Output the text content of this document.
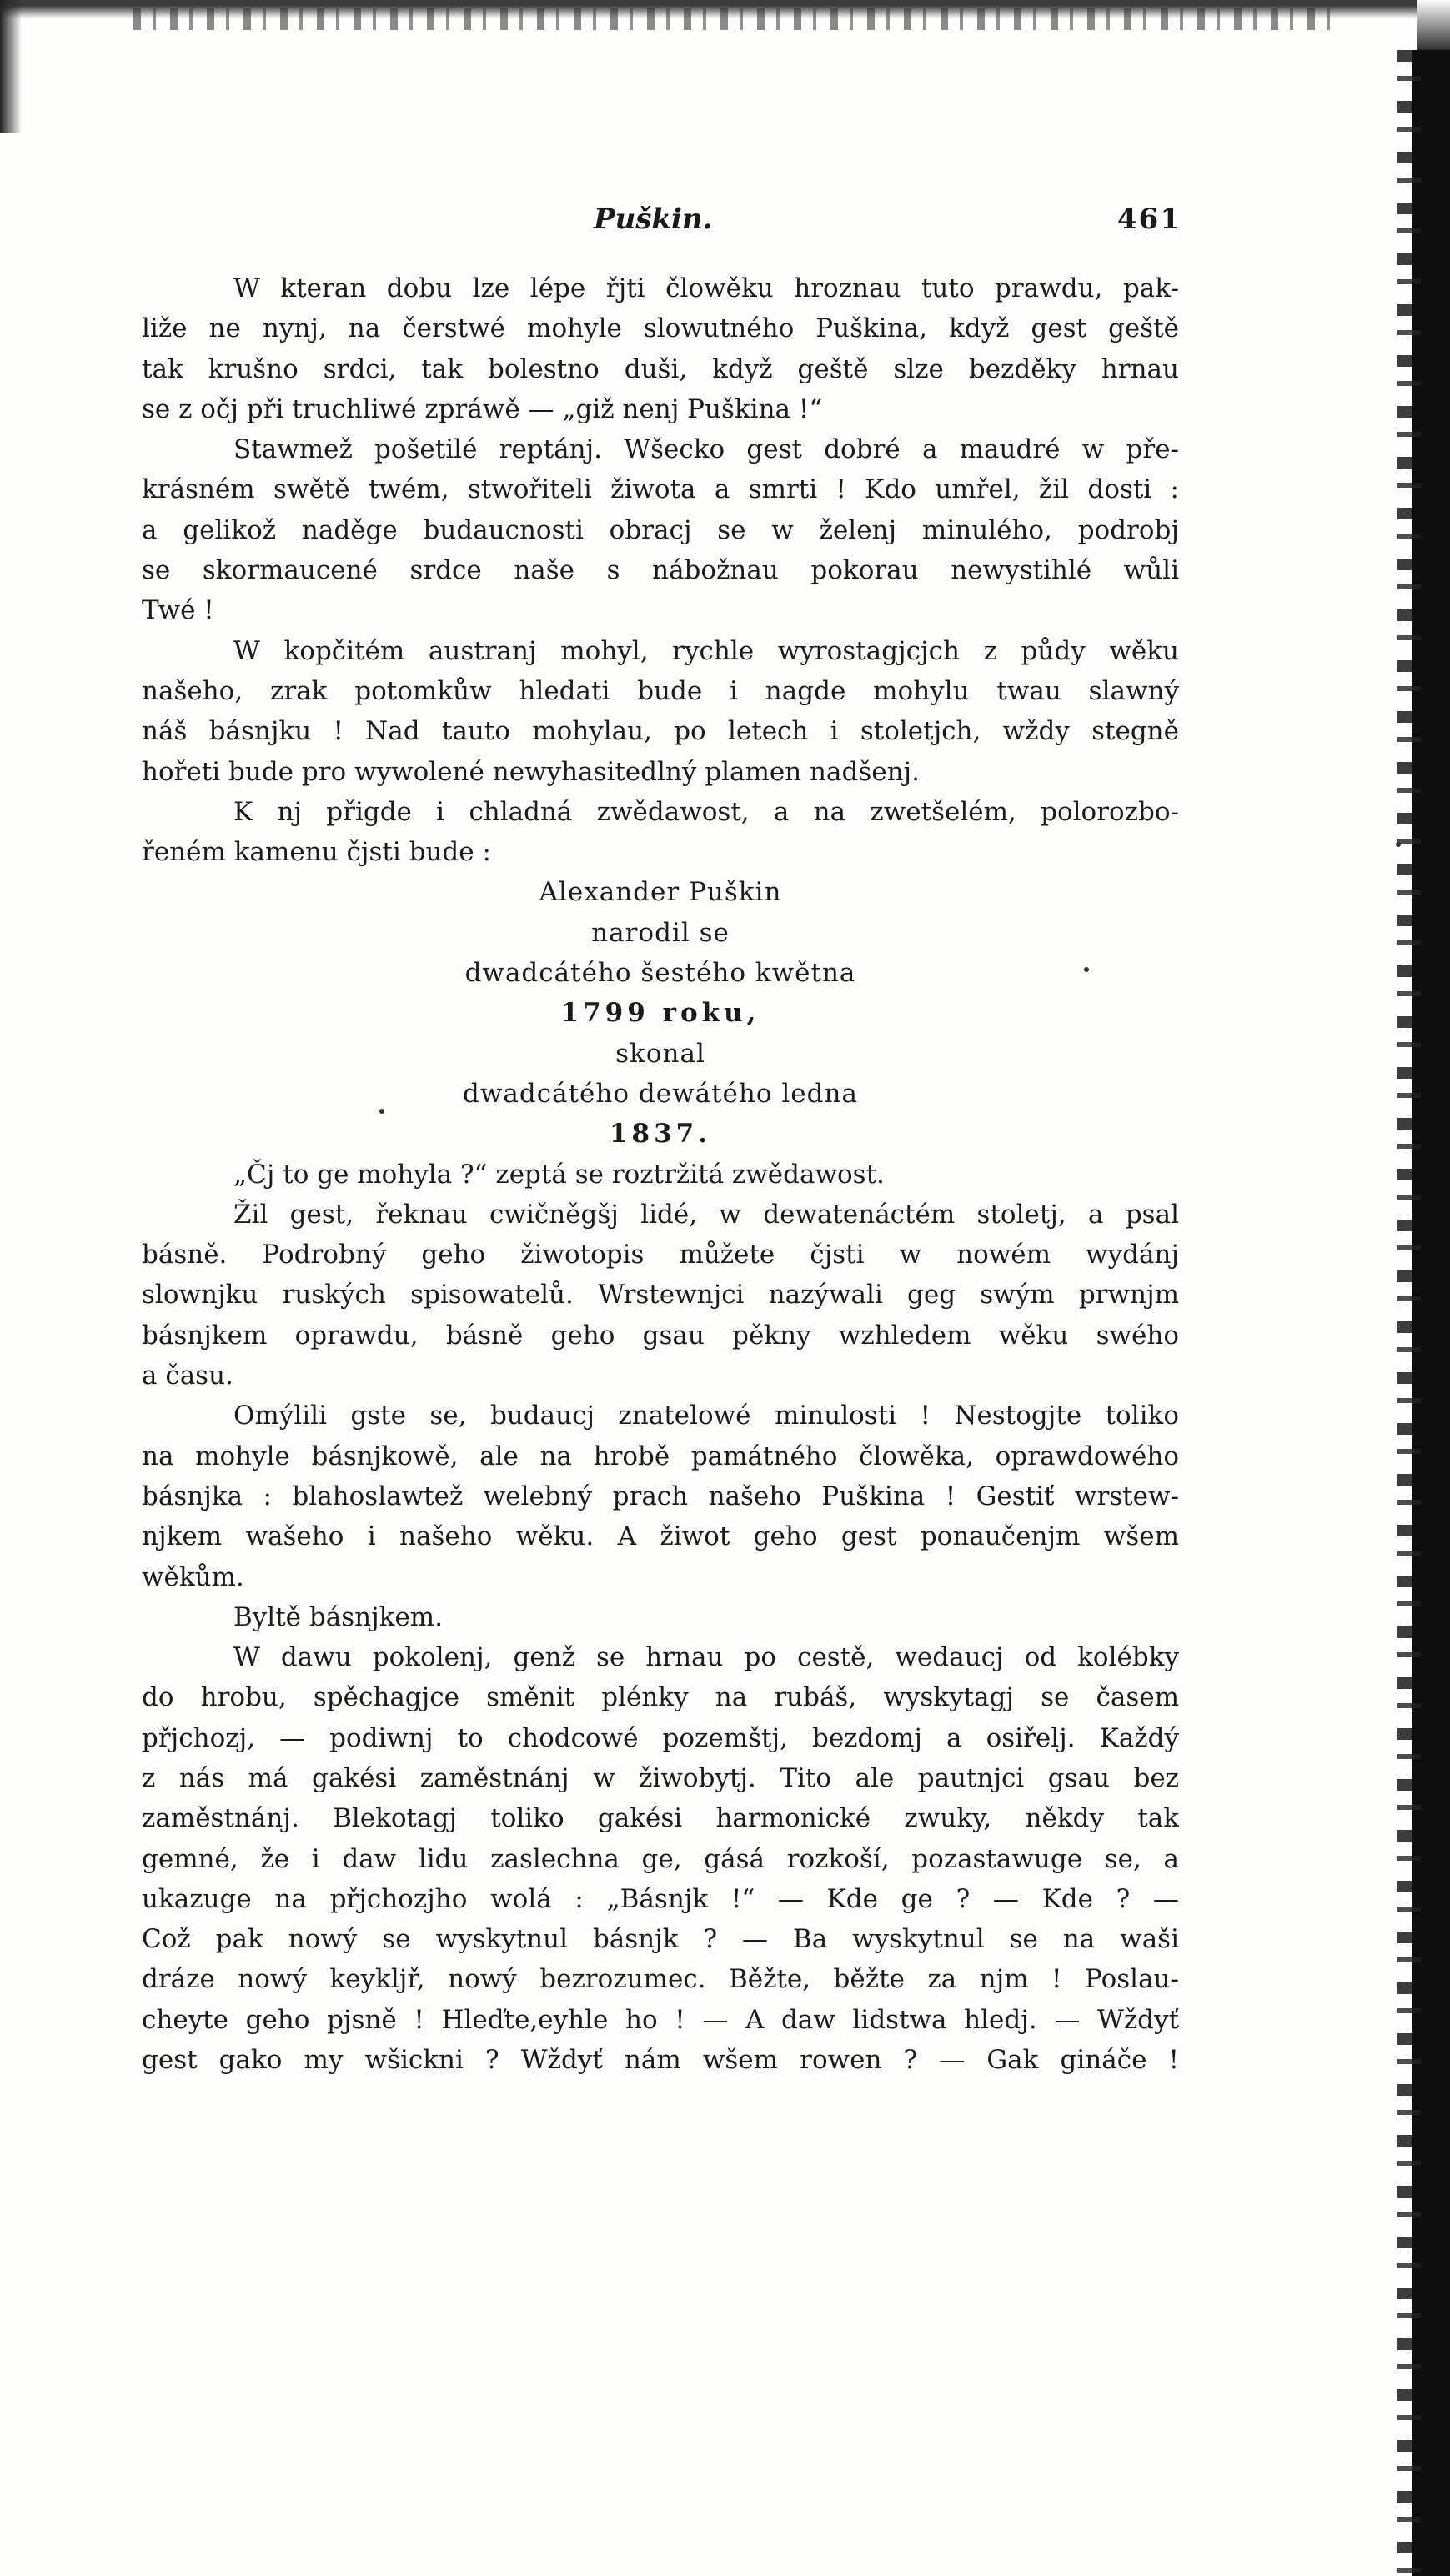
Puškin.	461
W kteran dobu lze lépe řjti člowěku hroznau tuto prawdu, pak-
liže ne nynj, na čerstwé mohyle slowutného Puškina, když gest geště
tak krušno srdci, tak bolestno duši, když geště slze bezděky hrnau
se z očj při truchliwé zpráwě — „giž nenj Puškina !“
Stawmež pošetilé reptánj. Wšecko gest dobré a maudré w pře-
krásném swětě twém, stwořiteli žiwota a smrti ! Kdo umřel, žil dosti :
a gelikož naděge budaucnosti obracj se w želenj minulého, podrobj
se skormaucené srdce naše s nábožnau pokorau newystihlé wůli
Twé !
W kopčitém austranj mohyl, rychle wyrostagjcjch z půdy wěku
našeho, zrak potomkůw hledati bude i nagde mohylu twau slawný
náš básnjku ! Nad tauto mohylau, po letech i stoletjch, wždy stegně
hořeti bude pro wywolené newyhasitedlný plamen nadšenj.
K nj přigde i chladná zwědawost, a na zwetšelém, polorozbo-
řeném kamenu čjsti bude :
Alexander Puškin
narodil se
dwadcátého šestého kwětna
1799 roku,
skonal
dwadcátého dewátého ledna
1837.
„Čj to ge mohyla ?“ zeptá se roztržitá zwědawost.
Žil gest, řeknau cwičněgšj lidé, w dewatenáctém stoletj, a psal
básně. Podrobný geho žiwotopis můžete čjsti w nowém wydánj
slownjku ruských spisowatelů. Wrstewnjci nazýwali geg swým prwnjm
básnjkem oprawdu, básně geho gsau pěkny wzhledem wěku swého
a času.
Omýlili gste se, budaucj znatelowé minulosti ! Nestogjte toliko
na mohyle básnjkowě, ale na hrobě památného člowěka, oprawdowého
básnjka : blahoslawtež welebný prach našeho Puškina ! Gestiť wrstew-
njkem wašeho i našeho wěku. A žiwot geho gest ponaučenjm wšem
wěkům.
Byltě básnjkem.
W dawu pokolenj, genž se hrnau po cestě, wedaucj od kolébky
do hrobu, spěchagjce směnit plénky na rubáš, wyskytagj se časem
přjchozj, — podiwnj to chodcowé pozemštj, bezdomj a osiřelj. Každý
z nás má gakési zaměstnánj w žiwobytj. Tito ale pautnjci gsau bez
zaměstnánj. Blekotagj toliko gakési harmonické zwuky, někdy tak
gemné, že i daw lidu zaslechna ge, gásá rozkoší, pozastawuge se, a
ukazuge na přjchozjho wolá : „Básnjk !“ — Kde ge ? — Kde ? —
Což pak nowý se wyskytnul básnjk ? — Ba wyskytnul se na waši
dráze nowý keyklјř, nowý bezrozumec. Běžte, běžte za njm ! Poslau-
cheyte geho pjsně ! Hleďte,eyhle ho ! — A daw lidstwa hledj. — Wždyť
gest gako my wšickni ? Wždyť nám wšem rowen ? — Gak gináče !
